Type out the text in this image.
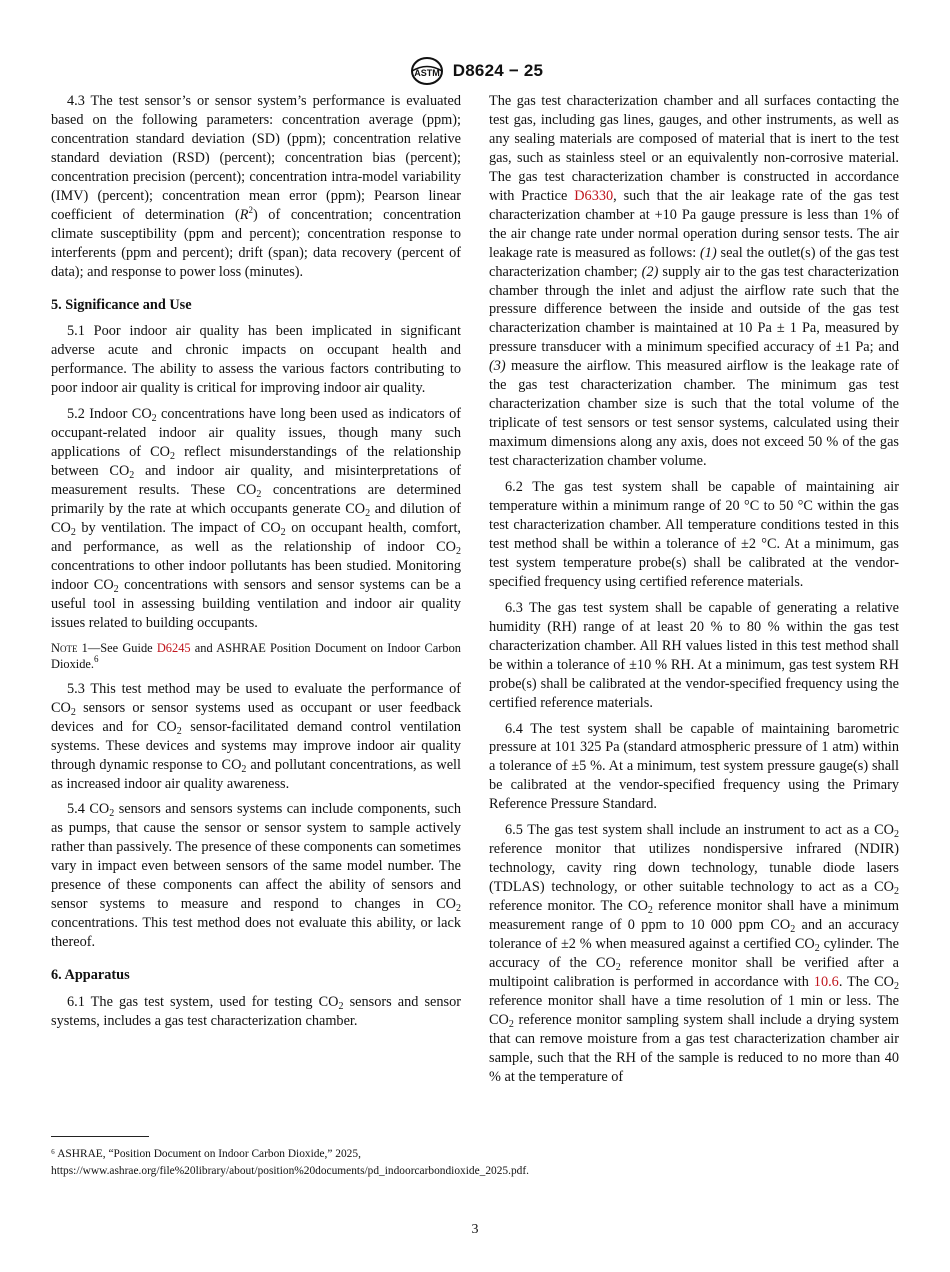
ASTM D8624 − 25

4.3 The test sensor’s or sensor system’s performance is evaluated based on the following parameters: concentration average (ppm); concentration standard deviation (SD) (ppm); concentration relative standard deviation (RSD) (percent); concentration bias (percent); concentration precision (percent); concentration intra-model variability (IMV) (percent); concentration mean error (ppm); Pearson linear coefficient of determination $(R^2)$ of concentration; concentration climate susceptibility (ppm and percent); concentration response to interferents (ppm and percent); drift (span); data recovery (percent of data); and response to power loss (minutes).

5. Significance and Use

5.1 Poor indoor air quality has been implicated in significant adverse acute and chronic impacts on occupant health and performance. The ability to assess the various factors contributing to poor indoor air quality is critical for improving indoor air quality.

5.2 Indoor $CO_2$ concentrations have long been used as indicators of occupant-related indoor air quality issues, though many such applications of $CO_2$ reflect misunderstandings of the relationship between $CO_2$ and indoor air quality, and misinterpretations of measurement results. These $CO_2$ concentrations are determined primarily by the rate at which occupants generate $CO_2$ and dilution of $CO_2$ by ventilation. The impact of $CO_2$ on occupant health, comfort, and performance, as well as the relationship of indoor $CO_2$ concentrations to other indoor pollutants has been studied. Monitoring indoor $CO_2$ concentrations with sensors and sensor systems can be a useful tool in assessing building ventilation and indoor air quality issues related to building occupants.

Note 1—See Guide D6245 and ASHRAE Position Document on Indoor Carbon Dioxide.$^6$

5.3 This test method may be used to evaluate the performance of $CO_2$ sensors or sensor systems used as occupant or user feedback devices and for $CO_2$ sensor-facilitated demand control ventilation systems. These devices and systems may improve indoor air quality through dynamic response to $CO_2$ and pollutant concentrations, as well as increased indoor air quality awareness.

5.4 $CO_2$ sensors and sensors systems can include components, such as pumps, that cause the sensor or sensor system to sample actively rather than passively. The presence of these components can sometimes vary in impact even between sensors of the same model number. The presence of these components can affect the ability of sensors and sensor systems to measure and respond to changes in $CO_2$ concentrations. This test method does not evaluate this ability, or lack thereof.

6. Apparatus

6.1 The gas test system, used for testing $CO_2$ sensors and sensor systems, includes a gas test characterization chamber.

⁶ ASHRAE, “Position Document on Indoor Carbon Dioxide,” 2025, https://www.ashrae.org/file%20library/about/position%20documents/pd_indoorcarbondioxide_2025.pdf.

The gas test characterization chamber and all surfaces contacting the test gas, including gas lines, gauges, and other instruments, as well as any sealing materials are composed of material that is inert to the test gas, such as stainless steel or an equivalently non-corrosive material. The gas test characterization chamber is constructed in accordance with Practice D6330, such that the air leakage rate of the gas test characterization chamber at +10 Pa gauge pressure is less than 1% of the air change rate under normal operation during sensor tests. The air leakage rate is measured as follows: (1) seal the outlet(s) of the gas test characterization chamber; (2) supply air to the gas test characterization chamber through the inlet and adjust the airflow rate such that the pressure difference between the inside and outside of the gas test characterization chamber is maintained at 10 Pa ± 1 Pa, measured by pressure transducer with a minimum specified accuracy of ±1 Pa; and (3) measure the airflow. This measured airflow is the leakage rate of the gas test characterization chamber. The minimum gas test characterization chamber size is such that the total volume of the triplicate of test sensors or test sensor systems, calculated using their maximum dimensions along any axis, does not exceed 50 % of the gas test characterization chamber volume.

6.2 The gas test system shall be capable of maintaining air temperature within a minimum range of 20 °C to 50 °C within the gas test characterization chamber. All temperature conditions tested in this test method shall be within a tolerance of ±2 °C. At a minimum, gas test system temperature probe(s) shall be calibrated at the vendor-specified frequency using certified reference materials.

6.3 The gas test system shall be capable of generating a relative humidity (RH) range of at least 20 % to 80 % within the gas test characterization chamber. All RH values listed in this test method shall be within a tolerance of ±10 % RH. At a minimum, gas test system RH probe(s) shall be calibrated at the vendor-specified frequency using the certified reference materials.

6.4 The test system shall be capable of maintaining barometric pressure at 101 325 Pa (standard atmospheric pressure of 1 atm) within a tolerance of ±5 %. At a minimum, test system pressure gauge(s) shall be calibrated at the vendor-specified frequency using the Primary Reference Pressure Standard.

6.5 The gas test system shall include an instrument to act as a $CO_2$ reference monitor that utilizes nondispersive infrared (NDIR) technology, cavity ring down technology, tunable diode lasers (TDLAS) technology, or other suitable technology to act as a $CO_2$ reference monitor. The $CO_2$ reference monitor shall have a minimum measurement range of 0 ppm to 10 000 ppm $CO_2$ and an accuracy tolerance of ±2 % when measured against a certified $CO_2$ cylinder. The accuracy of the $CO_2$ reference monitor shall be verified after a multipoint calibration is performed in accordance with 10.6. The $CO_2$ reference monitor shall have a time resolution of 1 min or less. The $CO_2$ reference monitor sampling system shall include a drying system that can remove moisture from a gas test characterization chamber air sample, such that the RH of the sample is reduced to no more than 40 % at the temperature of

3
